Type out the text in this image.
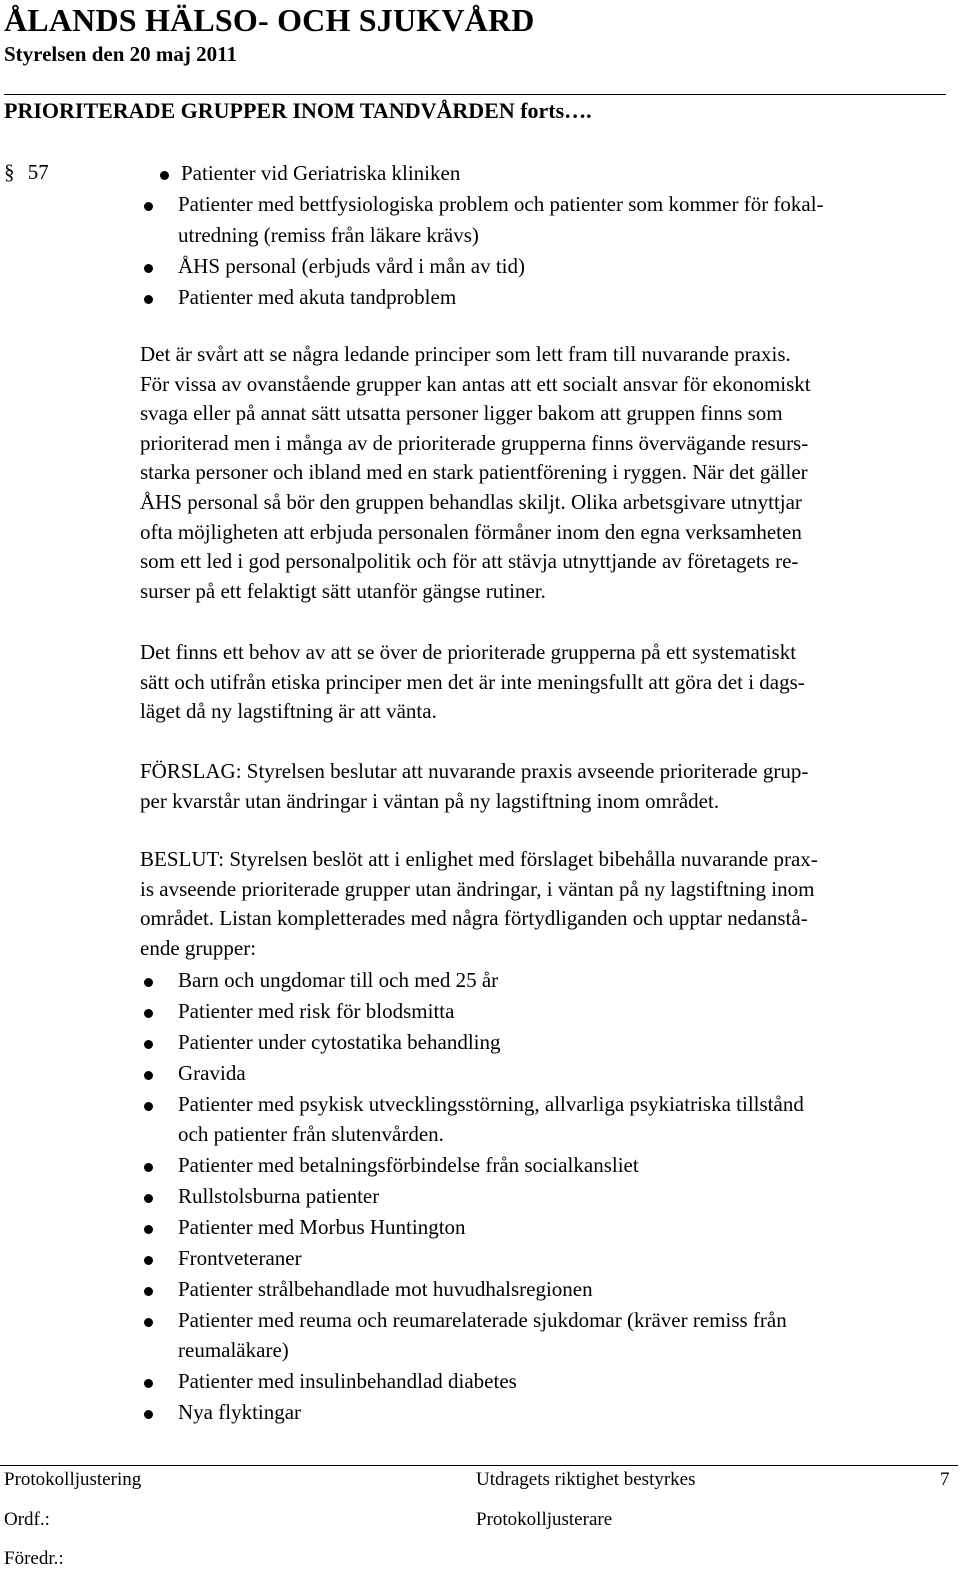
ÅLANDS HÄLSO- OCH SJUKVÅRD
Styrelsen den 20 maj 2011
PRIORITERADE GRUPPER INOM TANDVÅRDEN forts….
§ 57	Patienter vid Geriatriska kliniken
Patienter med bettfysiologiska problem och patienter som kommer för fokal-
utredning (remiss från läkare krävs)
ÅHS personal (erbjuds vård i mån av tid)
Patienter med akuta tandproblem
Det är svårt att se några ledande principer som lett fram till nuvarande praxis.
För vissa av ovanstående grupper kan antas att ett socialt ansvar för ekonomiskt
svaga eller på annat sätt utsatta personer ligger bakom att gruppen finns som
prioriterad men i många av de prioriterade grupperna finns övervägande resurs-
starka personer och ibland med en stark patientförening i ryggen. När det gäller
ÅHS personal så bör den gruppen behandlas skiljt. Olika arbetsgivare utnyttjar
ofta möjligheten att erbjuda personalen förmåner inom den egna verksamheten
som ett led i god personalpolitik och för att stävja utnyttjande av företagets re-
surser på ett felaktigt sätt utanför gängse rutiner.
Det finns ett behov av att se över de prioriterade grupperna på ett systematiskt
sätt och utifrån etiska principer men det är inte meningsfullt att göra det i dags-
läget då ny lagstiftning är att vänta.
FÖRSLAG: Styrelsen beslutar att nuvarande praxis avseende prioriterade grup-
per kvarstår utan ändringar i väntan på ny lagstiftning inom området.
BESLUT: Styrelsen beslöt att i enlighet med förslaget bibehålla nuvarande prax-
is avseende prioriterade grupper utan ändringar, i väntan på ny lagstiftning inom
området. Listan kompletterades med några förtydliganden och upptar nedanstå-
ende grupper:
Barn och ungdomar till och med 25 år
Patienter med risk för blodsmitta
Patienter under cytostatika behandling
Gravida
Patienter med psykisk utvecklingsstörning, allvarliga psykiatriska tillstånd
och patienter från slutenvården.
Patienter med betalningsförbindelse från socialkansliet
Rullstolsburna patienter
Patienter med Morbus Huntington
Frontveteraner
Patienter strålbehandlade mot huvudhalsregionen
Patienter med reuma och reumarelaterade sjukdomar (kräver remiss från
reumaläkare)
Patienter med insulinbehandlad diabetes
Nya flyktingar
Protokolljustering	Utdragets riktighet bestyrkes	7
Ordf.:	Protokolljusterare
Föredr.:
